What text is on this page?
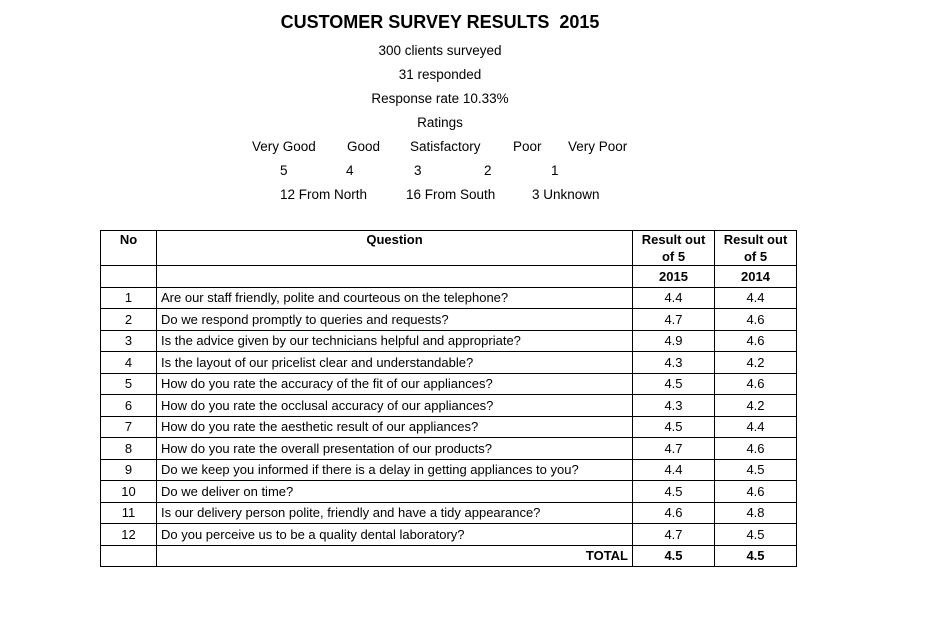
CUSTOMER SURVEY RESULTS  2015
300 clients surveyed
31 responded
Response rate 10.33%
Ratings
Very Good Good Satisfactory Poor Very Poor
5	4	3	2	1
12 From North	16 From South	3 Unknown
No	Question	Result out of 5	Result out of 5
		2015	2014
1	Are our staff friendly, polite and courteous on the telephone?	4.4	4.4
2	Do we respond promptly to queries and requests?	4.7	4.6
3	Is the advice given by our technicians helpful and appropriate?	4.9	4.6
4	Is the layout of our pricelist clear and understandable?	4.3	4.2
5	How do you rate the accuracy of the fit of our appliances?	4.5	4.6
6	How do you rate the occlusal accuracy of our appliances?	4.3	4.2
7	How do you rate the aesthetic result of our appliances?	4.5	4.4
8	How do you rate the overall presentation of our products?	4.7	4.6
9	Do we keep you informed if there is a delay in getting appliances to you?	4.4	4.5
10	Do we deliver on time?	4.5	4.6
11	Is our delivery person polite, friendly and have a tidy appearance?	4.6	4.8
12	Do you perceive us to be a quality dental laboratory?	4.7	4.5
	TOTAL	4.5	4.5
